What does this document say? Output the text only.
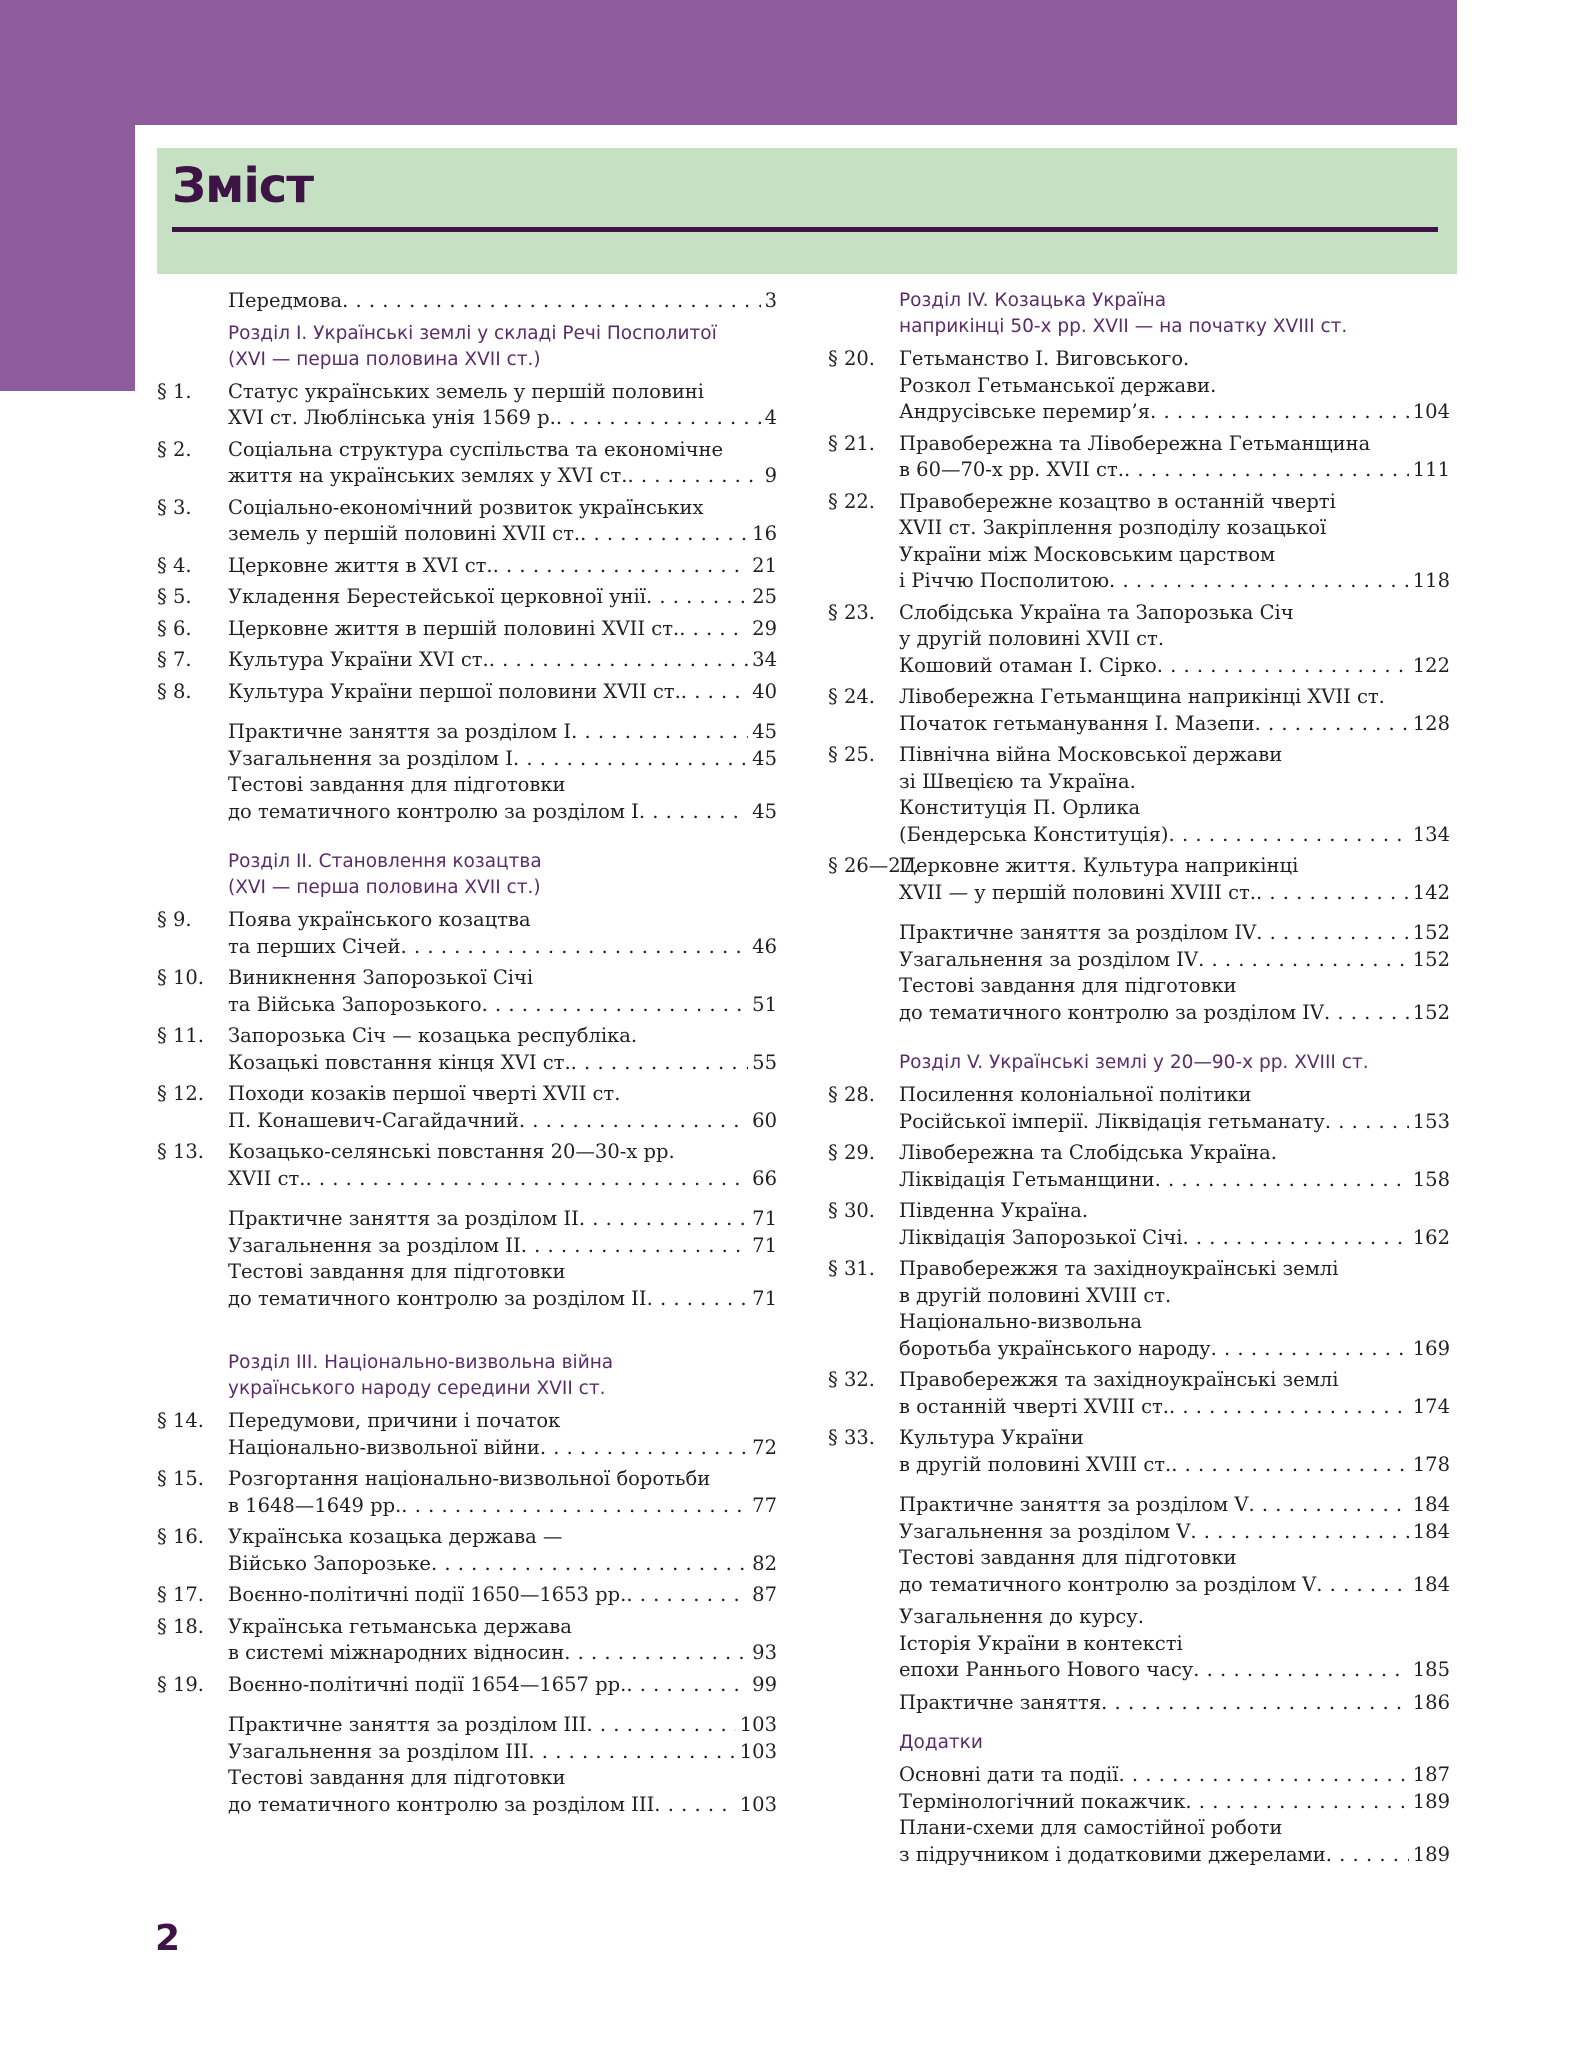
Зміст
Передмова . . .	3
Розділ І. Українські землі у складі Речі Посполитої
(XVI — перша половина XVII ст.)
§ 1.	Статус українських земель у першій половині
XVI ст. Люблінська унія 1569 р. . . .	4
§ 2.	Соціальна структура суспільства та економічне
життя на українських землях у XVI ст. . . .	9
§ 3.	Соціально-економічний розвиток українських
земель у першій половині XVII ст. . . .	16
§ 4.	Церковне життя в XVI ст. . . .	21
§ 5.	Укладення Берестейської церковної унії . . .	25
§ 6.	Церковне життя в першій половині XVII ст. . . .	29
§ 7.	Культура України XVI ст. . . .	34
§ 8.	Культура України першої половини XVII ст. . . .	40
Практичне заняття за розділом І . . .	45
Узагальнення за розділом І . . .	45
Тестові завдання для підготовки
до тематичного контролю за розділом І . . .	45
Розділ ІІ. Становлення козацтва
(XVI — перша половина XVII ст.)
§ 9.	Поява українського козацтва
та перших Січей . . .	46
§ 10.	Виникнення Запорозької Січі
та Війська Запорозького . . .	51
§ 11.	Запорозька Січ — козацька республіка.
Козацькі повстання кінця XVI ст. . . .	55
§ 12.	Походи козаків першої чверті XVII ст.
П. Конашевич-Сагайдачний . . .	60
§ 13.	Козацько-селянські повстання 20—30-х рр.
XVII ст. . . .	66
Практичне заняття за розділом ІІ . . .	71
Узагальнення за розділом ІІ . . .	71
Тестові завдання для підготовки
до тематичного контролю за розділом ІІ . . .	71
Розділ ІІІ. Національно-визвольна війна
українського народу середини XVII ст.
§ 14.	Передумови, причини і початок
Національно-визвольної війни . . .	72
§ 15.	Розгортання національно-визвольної боротьби
в 1648—1649 рр. . . .	77
§ 16.	Українська козацька держава —
Військо Запорозьке . . .	82
§ 17.	Воєнно-політичні події 1650—1653 рр. . . .	87
§ 18.	Українська гетьманська держава
в системі міжнародних відносин . . .	93
§ 19.	Воєнно-політичні події 1654—1657 рр. . . .	99
Практичне заняття за розділом ІІІ . . .	103
Узагальнення за розділом ІІІ . . .	103
Тестові завдання для підготовки
до тематичного контролю за розділом ІІІ . . .	103
Розділ IV. Козацька Україна
наприкінці 50-х рр. XVII — на початку XVIII ст.
§ 20.	Гетьманство І. Виговського.
Розкол Гетьманської держави.
Андрусівське перемир’я . . .	104
§ 21.	Правобережна та Лівобережна Гетьманщина
в 60—70-х рр. XVII ст. . . .	111
§ 22.	Правобережне козацтво в останній чверті
XVII ст. Закріплення розподілу козацької
України між Московським царством
і Річчю Посполитою . . .	118
§ 23.	Слобідська Україна та Запорозька Січ
у другій половині XVII ст.
Кошовий отаман І. Сірко . . .	122
§ 24.	Лівобережна Гетьманщина наприкінці XVII ст.
Початок гетьманування І. Мазепи . . .	128
§ 25.	Північна війна Московської держави
зі Швецією та Україна.
Конституція П. Орлика
(Бендерська Конституція) . . .	134
§ 26—27.
Церковне життя. Культура наприкінці
XVII — у першій половині XVIII ст. . . .	142
Практичне заняття за розділом IV . . .	152
Узагальнення за розділом IV . . .	152
Тестові завдання для підготовки
до тематичного контролю за розділом IV . . .	152
Розділ V. Українські землі у 20—90-х рр. XVIII ст.
§ 28.	Посилення колоніальної політики
Російської імперії. Ліквідація гетьманату . . .	153
§ 29.	Лівобережна та Слобідська Україна.
Ліквідація Гетьманщини . . .	158
§ 30.	Південна Україна.
Ліквідація Запорозької Січі . . .	162
§ 31.	Правобережжя та західноукраїнські землі
в другій половині XVIII ст.
Національно-визвольна
боротьба українського народу . . .	169
§ 32.	Правобережжя та західноукраїнські землі
в останній чверті XVIII ст. . . .	174
§ 33.	Культура України
в другій половині XVIII ст. . . .	178
Практичне заняття за розділом V . . .	184
Узагальнення за розділом V . . .	184
Тестові завдання для підготовки
до тематичного контролю за розділом V . . .	184
Узагальнення до курсу.
Історія України в контексті
епохи Раннього Нового часу . . .	185
Практичне заняття . . .	186
Додатки
Основні дати та події . . .	187
Термінологічний покажчик . . .	189
Плани-схеми для самостійної роботи
з підручником і додатковими джерелами . . .	189
2
